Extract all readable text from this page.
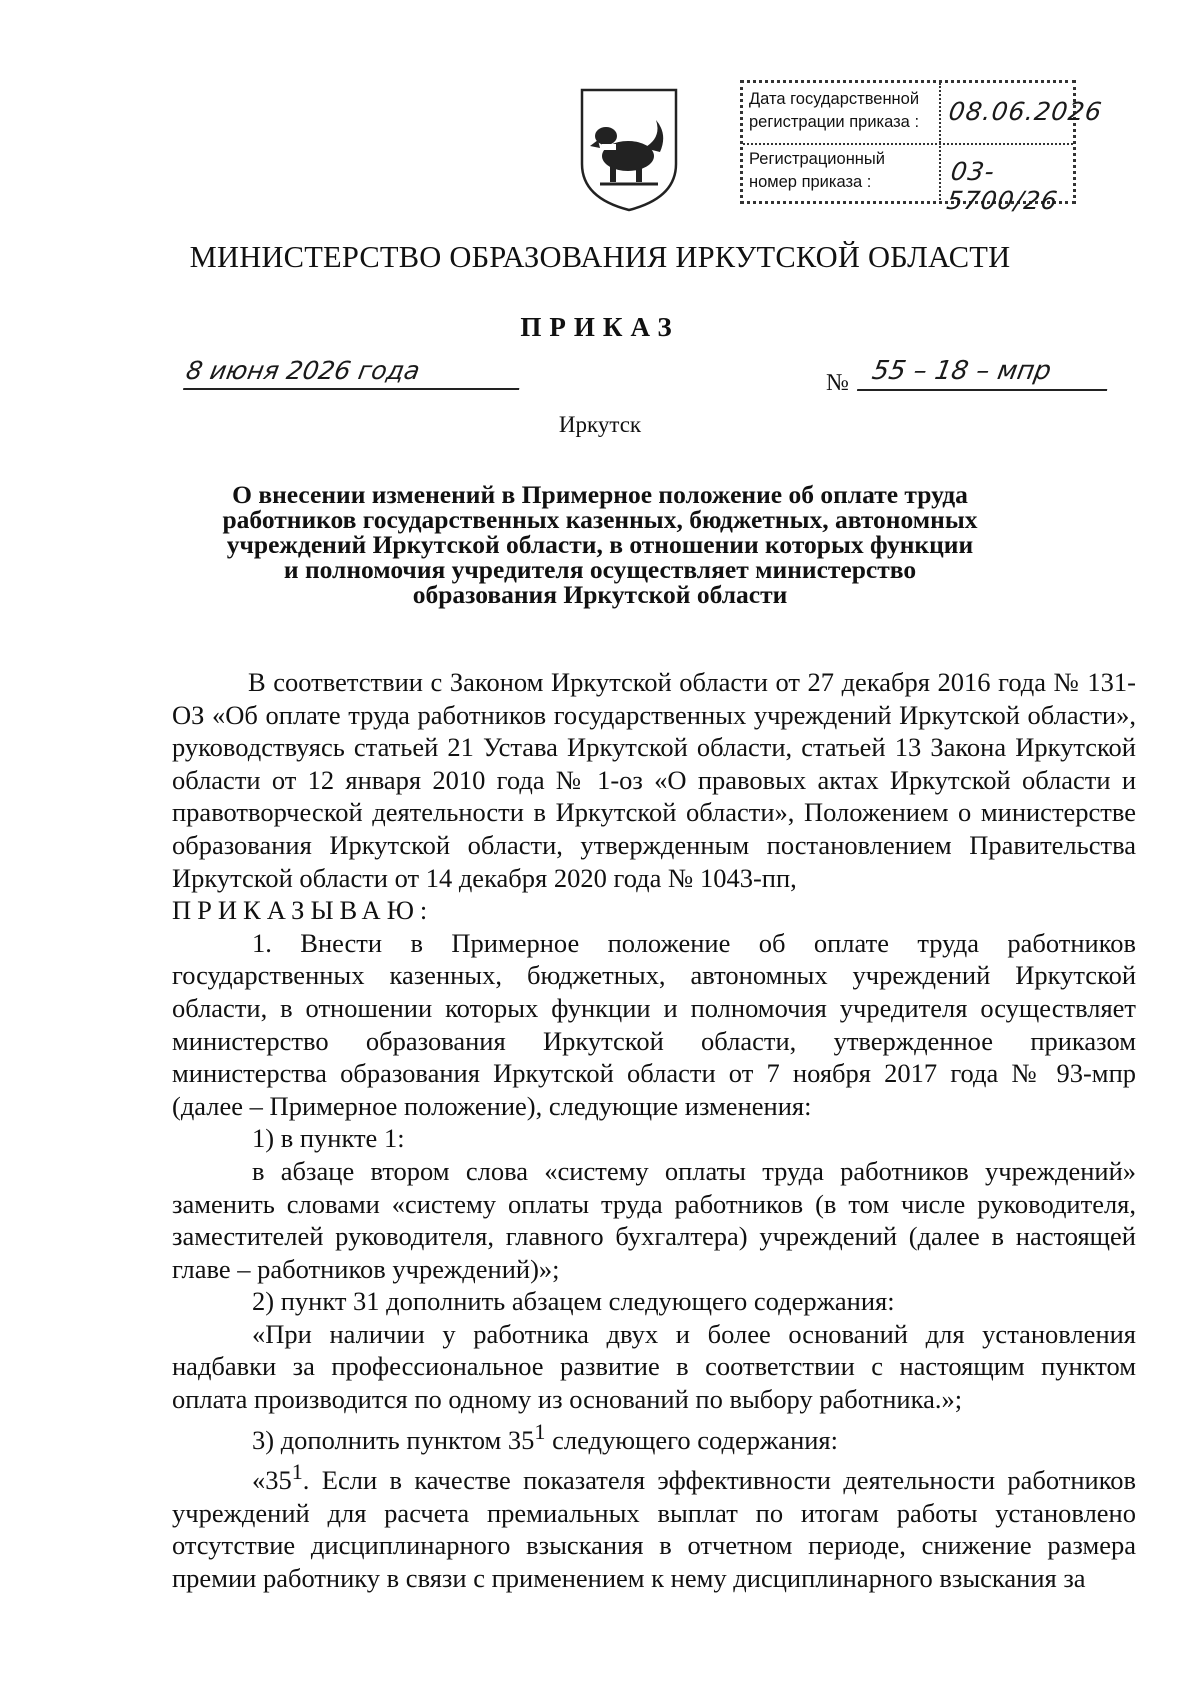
Дата государственной регистрации приказа :	08.06.2026
Регистрационный номер приказа :	03-5700/26
МИНИСТЕРСТВО ОБРАЗОВАНИЯ ИРКУТСКОЙ ОБЛАСТИ
ПРИКАЗ
8 июня 2026 года	№ 55 – 18 – мпр
Иркутск
О внесении изменений в Примерное положение об оплате труда работников государственных казенных, бюджетных, автономных учреждений Иркутской области, в отношении которых функции и полномочия учредителя осуществляет министерство образования Иркутской области

В соответствии с Законом Иркутской области от 27 декабря 2016 года № 131-ОЗ «Об оплате труда работников государственных учреждений Иркутской области», руководствуясь статьей 21 Устава Иркутской области, статьей 13 Закона Иркутской области от 12 января 2010 года № 1-оз «О правовых актах Иркутской области и правотворческой деятельности в Иркутской области», Положением о министерстве образования Иркутской области, утвержденным постановлением Правительства Иркутской области от 14 декабря 2020 года № 1043-пп,

ПРИКАЗЫВАЮ:

1. Внести в Примерное положение об оплате труда работников государственных казенных, бюджетных, автономных учреждений Иркутской области, в отношении которых функции и полномочия учредителя осуществляет министерство образования Иркутской области, утвержденное приказом министерства образования Иркутской области от 7 ноября 2017 года № 93-мпр (далее – Примерное положение), следующие изменения:

1) в пункте 1:

в абзаце втором слова «систему оплаты труда работников учреждений» заменить словами «систему оплаты труда работников (в том числе руководителя, заместителей руководителя, главного бухгалтера) учреждений (далее в настоящей главе – работников учреждений)»;

2) пункт 31 дополнить абзацем следующего содержания:

«При наличии у работника двух и более оснований для установления надбавки за профессиональное развитие в соответствии с настоящим пунктом оплата производится по одному из оснований по выбору работника.»;

3) дополнить пунктом $35^1$ следующего содержания:

«$35^1$. Если в качестве показателя эффективности деятельности работников учреждений для расчета премиальных выплат по итогам работы установлено отсутствие дисциплинарного взыскания в отчетном периоде, снижение размера премии работнику в связи с применением к нему дисциплинарного взыскания за
